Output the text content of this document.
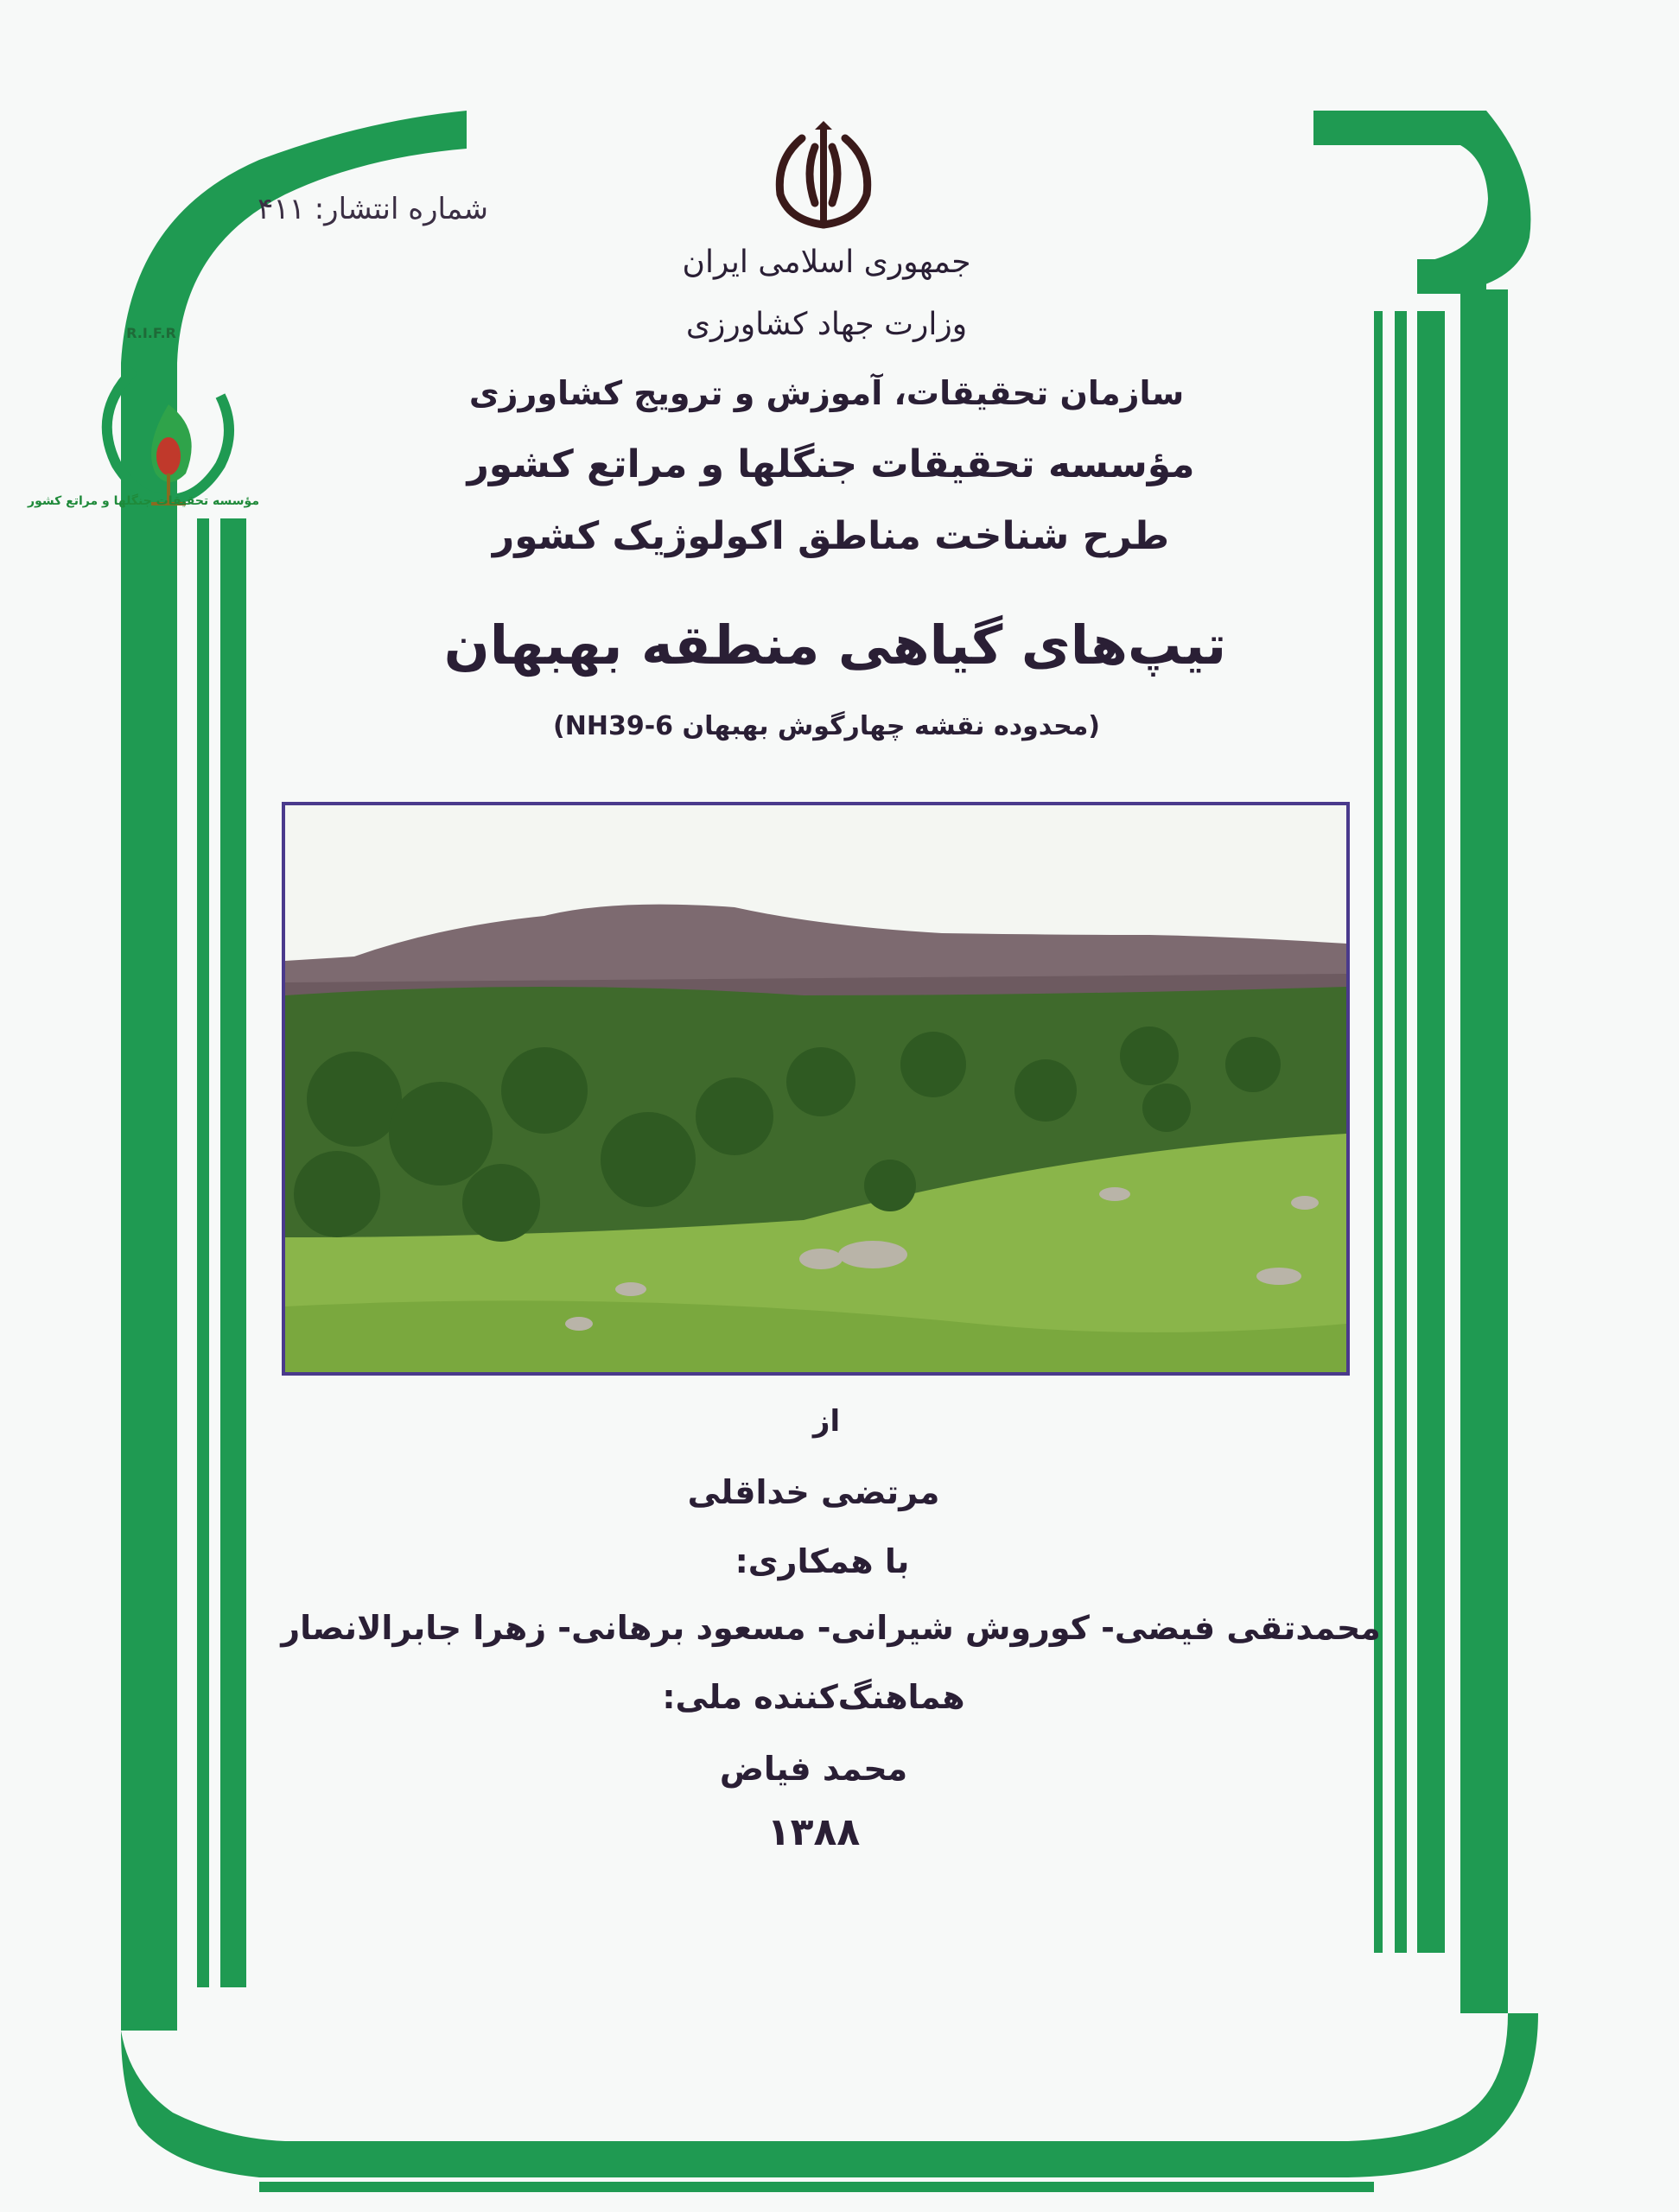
شماره انتشار: ۴۱۱
R.I.F.R
مؤسسه تحقیقات جنگلها و مراتع کشور
جمهوری اسلامی ایران
وزارت جهاد کشاورزی
سازمان تحقیقات، آموزش و ترویج کشاورزی
مؤسسه تحقیقات جنگلها و مراتع کشور
طرح شناخت مناطق اکولوژیک کشور
تیپ‌های گیاهی منطقه بهبهان
(محدوده نقشه چهارگوش بهبهان NH39-6)
از
مرتضی خداقلی
با همکاری:
محمدتقی فیضی- کوروش شیرانی- مسعود برهانی- زهرا جابرالانصار
هماهنگ‌کننده ملی:
محمد فیاض
۱۳۸۸
